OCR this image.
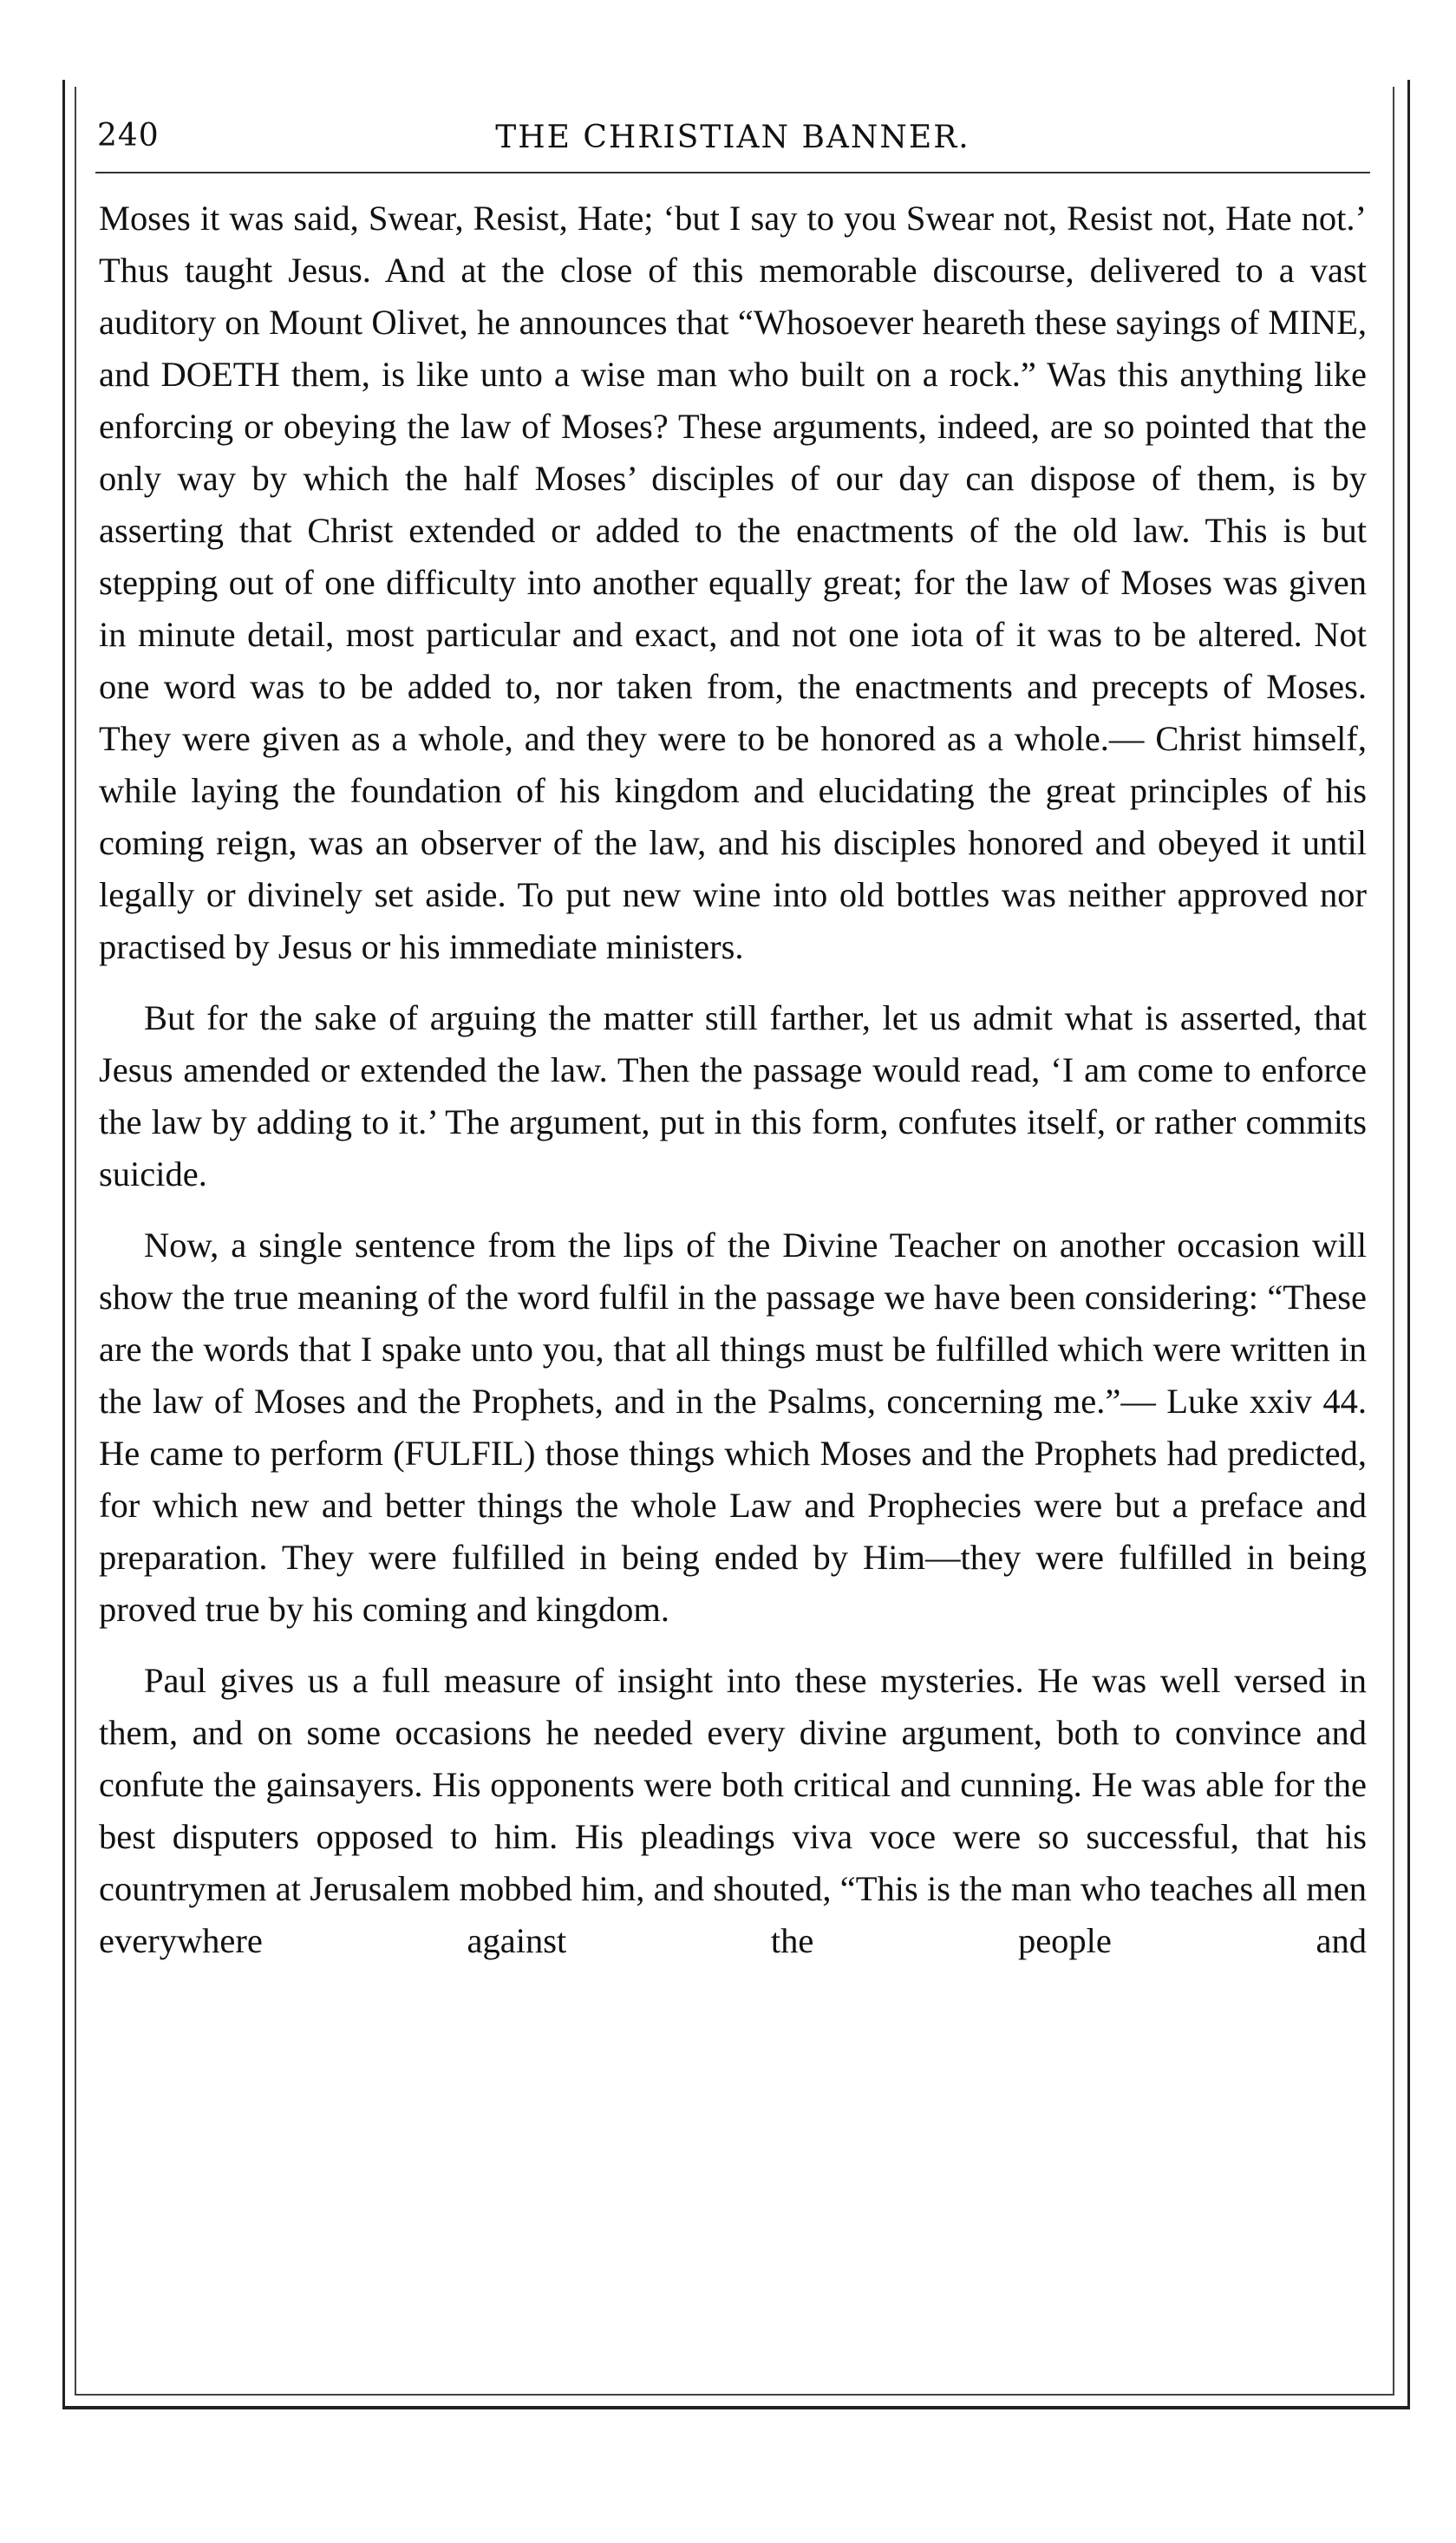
240	THE CHRISTIAN BANNER.

Moses it was said, Swear, Resist, Hate; ‘but I say to you Swear not, Resist not, Hate not.’ Thus taught Jesus. And at the close of this memorable discourse, delivered to a vast auditory on Mount Olivet, he announces that “Whosoever heareth these sayings of MINE, and DOETH them, is like unto a wise man who built on a rock.” Was this anything like enforcing or obeying the law of Moses? These arguments, indeed, are so pointed that the only way by which the half Moses’ disciples of our day can dispose of them, is by asserting that Christ extended or added to the enactments of the old law. This is but stepping out of one difficulty into another equally great; for the law of Moses was given in minute detail, most particular and exact, and not one iota of it was to be altered. Not one word was to be added to, nor taken from, the enactments and precepts of Moses. They were given as a whole, and they were to be honored as a whole.— Christ himself, while laying the foundation of his kingdom and elucidating the great principles of his coming reign, was an observer of the law, and his disciples honored and obeyed it until legally or divinely set aside. To put new wine into old bottles was neither approved nor practised by Jesus or his immediate ministers.

But for the sake of arguing the matter still farther, let us admit what is asserted, that Jesus amended or extended the law. Then the passage would read, ‘I am come to enforce the law by adding to it.’ The argument, put in this form, confutes itself, or rather commits suicide.

Now, a single sentence from the lips of the Divine Teacher on another occasion will show the true meaning of the word fulfil in the passage we have been considering: “These are the words that I spake unto you, that all things must be fulfilled which were written in the law of Moses and the Prophets, and in the Psalms, concerning me.”— Luke xxiv 44. He came to perform (FULFIL) those things which Moses and the Prophets had predicted, for which new and better things the whole Law and Prophecies were but a preface and preparation. They were fulfilled in being ended by Him—they were fulfilled in being proved true by his coming and kingdom.

Paul gives us a full measure of insight into these mysteries. He was well versed in them, and on some occasions he needed every divine argument, both to convince and confute the gainsayers. His opponents were both critical and cunning. He was able for the best disputers opposed to him. His pleadings viva voce were so successful, that his countrymen at Jerusalem mobbed him, and shouted, “This is the man who teaches all men everywhere against the people and
